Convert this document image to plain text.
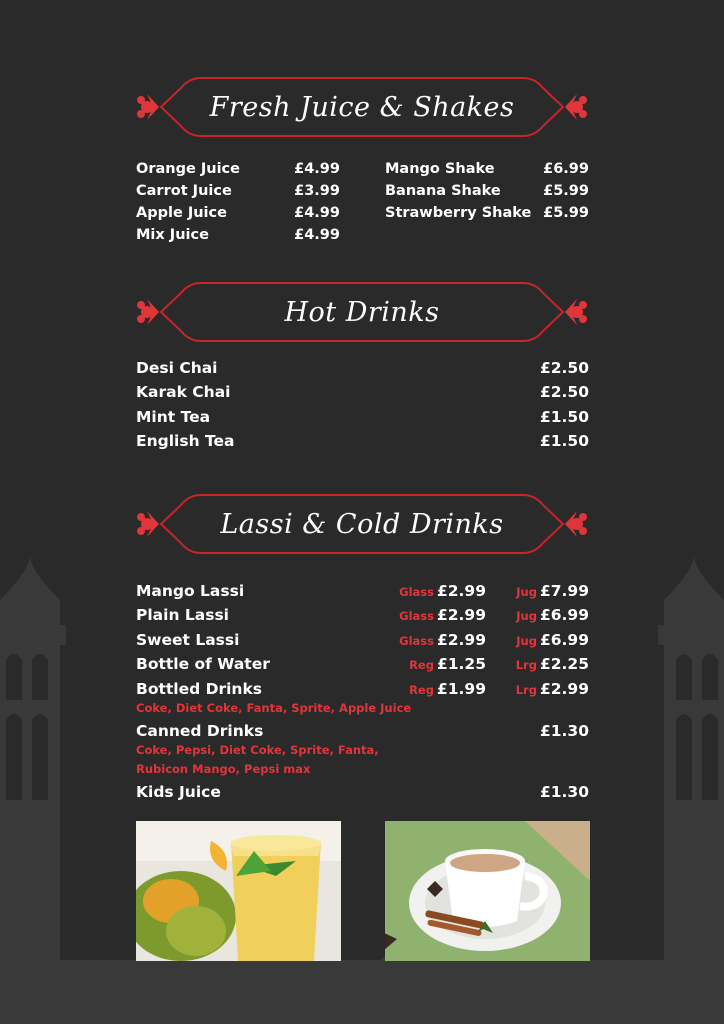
Fresh Juice & Shakes
Orange Juice	£4.99
Carrot Juice	£3.99
Apple Juice	£4.99
Mix Juice	£4.99
Mango Shake	£6.99
Banana Shake	£5.99
Strawberry Shake £5.99
Hot Drinks
Desi Chai	£2.50
Karak Chai	£2.50
Mint Tea	£1.50
English Tea	£1.50
Lassi & Cold Drinks
Mango Lassi	Glass £2.99	Jug £7.99
Plain Lassi	Glass £2.99	Jug £6.99
Sweet Lassi	Glass £2.99	Jug £6.99
Bottle of Water	Reg £1.25	Lrg £2.25
Bottled Drinks	Reg £1.99	Lrg £2.99
Coke, Diet Coke, Fanta, Sprite, Apple Juice
Canned Drinks	£1.30
Coke, Pepsi, Diet Coke, Sprite, Fanta,
Rubicon Mango, Pepsi max
Kids Juice	£1.30
